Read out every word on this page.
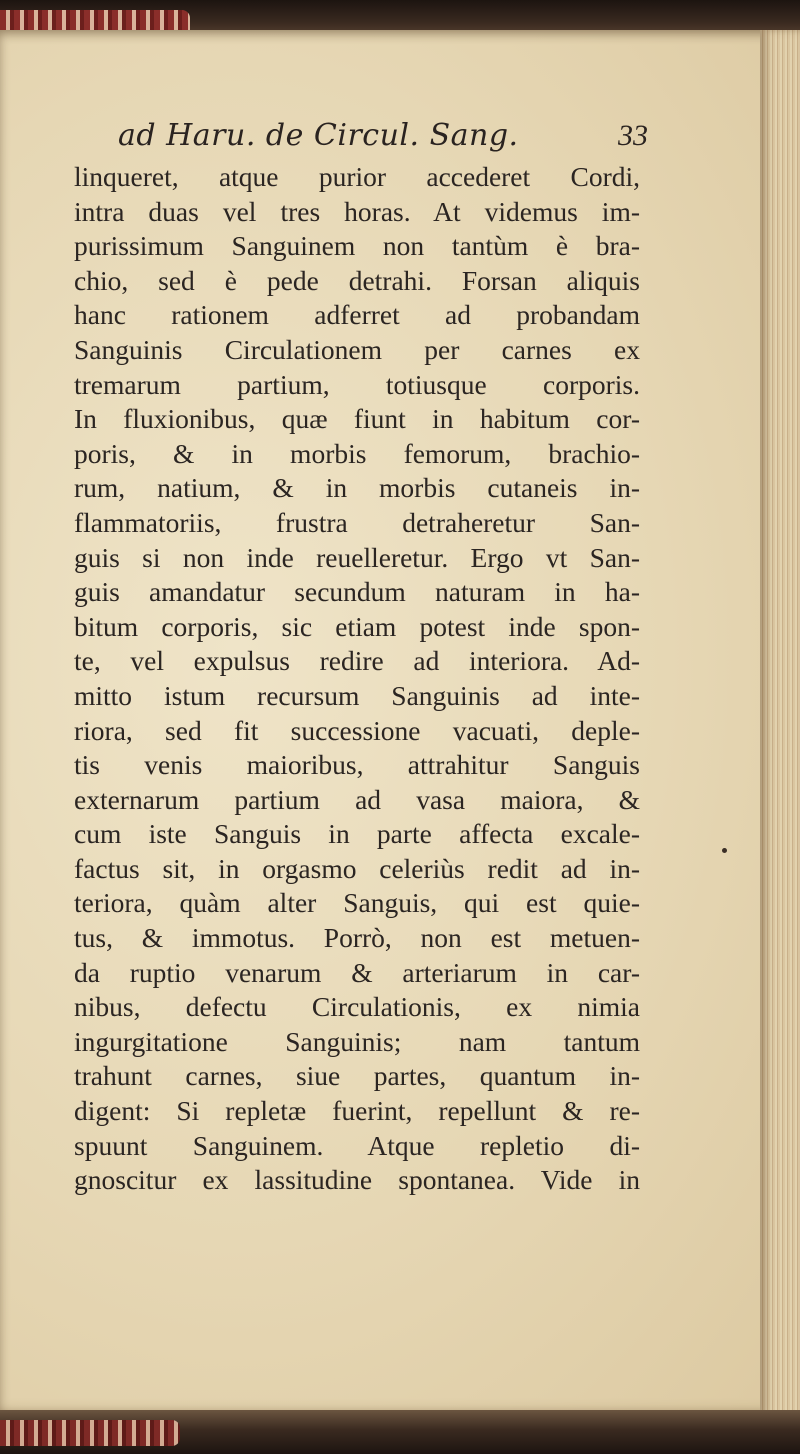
ad Haru. de Circul. Sang.	33
linqueret, atque purior accederet Cordi,
intra duas vel tres horas. At videmus im-
purissimum Sanguinem non tantùm è bra-
chio, sed è pede detrahi. Forsan aliquis
hanc rationem adferret ad probandam
Sanguinis Circulationem per carnes ex
tremarum partium, totiusque corporis.
In fluxionibus, quæ fiunt in habitum cor-
poris, & in morbis femorum, brachio-
rum, natium, & in morbis cutaneis in-
flammatoriis, frustra detraheretur San-
guis si non inde reuelleretur. Ergo vt San-
guis amandatur secundum naturam in ha-
bitum corporis, sic etiam potest inde spon-
te, vel expulsus redire ad interiora. Ad-
mitto istum recursum Sanguinis ad inte-
riora, sed fit successione vacuati, deple-
tis venis maioribus, attrahitur Sanguis
externarum partium ad vasa maiora, &
cum iste Sanguis in parte affecta excale-
factus sit, in orgasmo celeriùs redit ad in-
teriora, quàm alter Sanguis, qui est quie-
tus, & immotus. Porrò, non est metuen-
da ruptio venarum & arteriarum in car-
nibus, defectu Circulationis, ex nimia
ingurgitatione Sanguinis; nam tantum
trahunt carnes, siue partes, quantum in-
digent: Si repletæ fuerint, repellunt & re-
spuunt Sanguinem. Atque repletio di-
gnoscitur ex lassitudine spontanea. Vide in
